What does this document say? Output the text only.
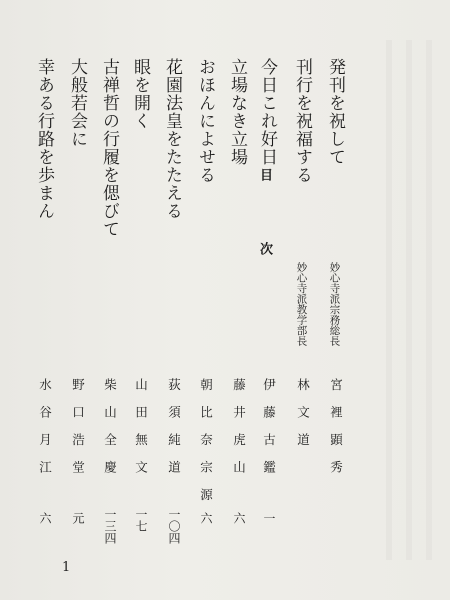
目
次
発刊を祝して
刊行を祝福する
今日これ好日
立場なき立場
おほんによせる
花園法皇をたたえる
眼を開く
古禅哲の行履を偲びて
大般若会に
幸ある行路を歩まん
妙心寺派宗務総長
妙心寺派教学部長
宮 裡 顕 秀
林 文 道
伊 藤 古 鑑
藤 井 虎 山
朝 比 奈 宗 源
荻 須 純 道
山 田 無 文
柴 山 全 慶
野 口 浩 堂
水 谷 月 江
一
六
六
一〇四
一七
一三四
元
六
1
